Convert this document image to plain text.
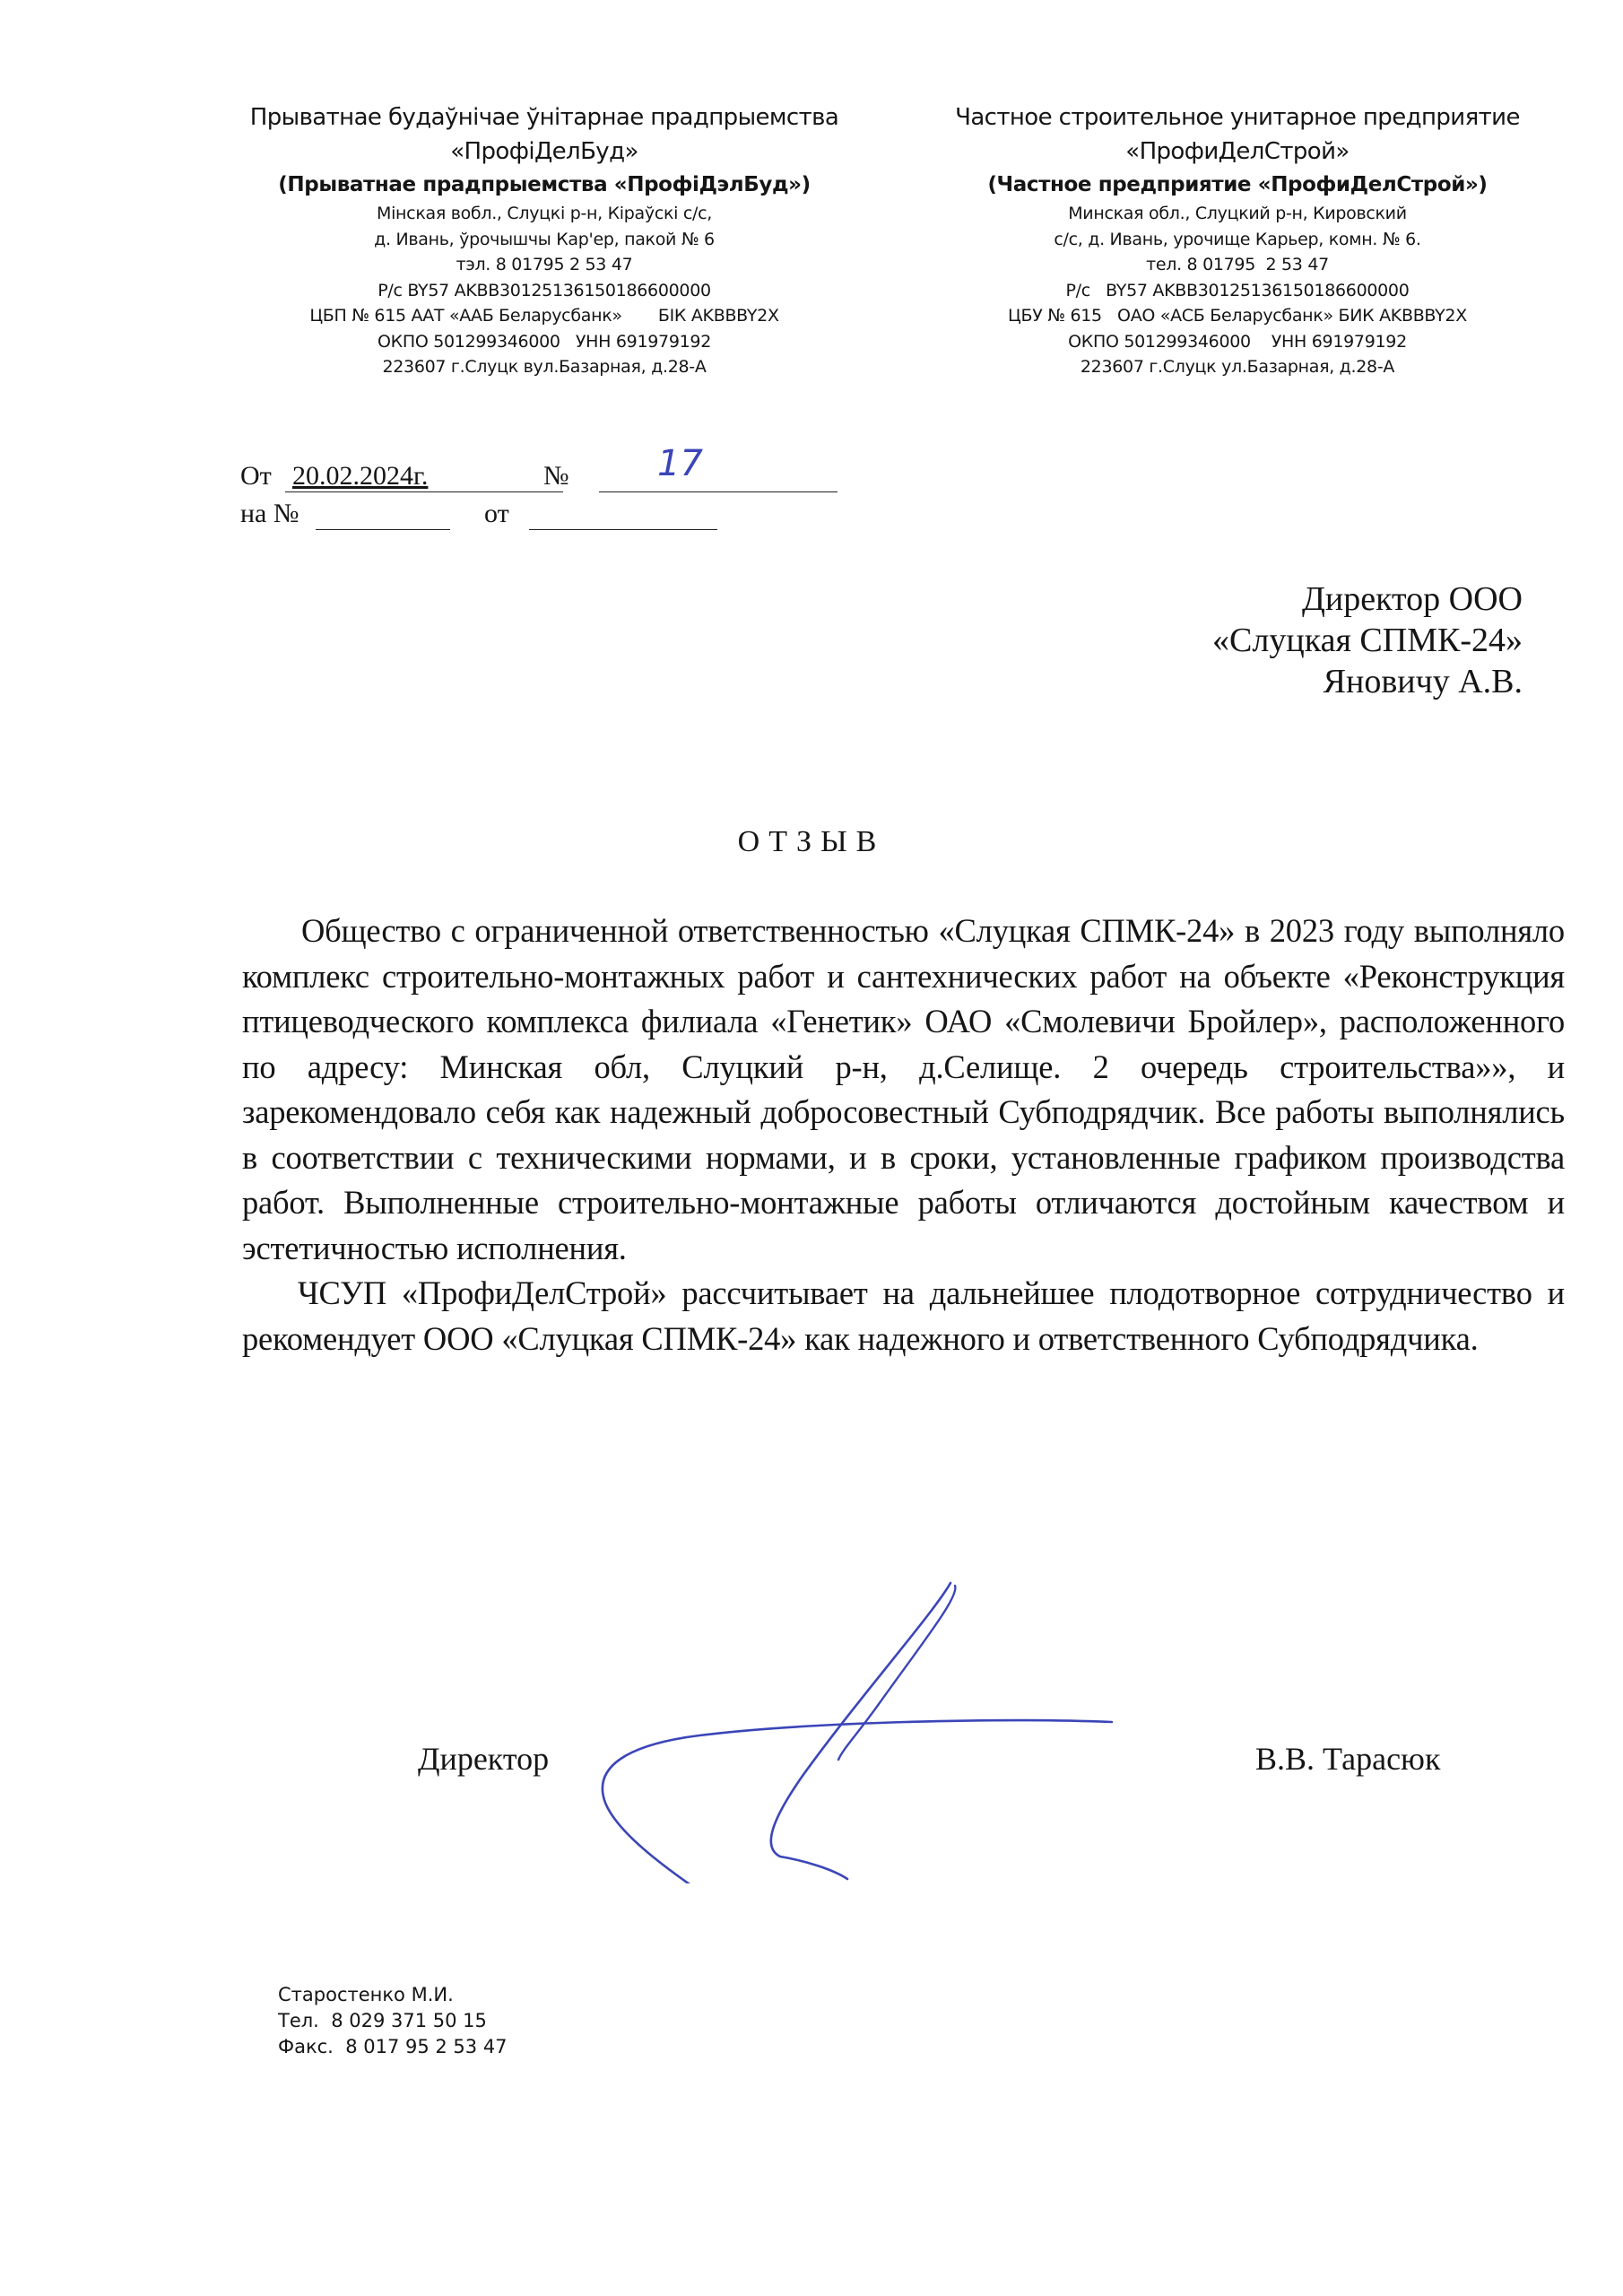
Прыватнае будаўнічае ўнітарнае прадпрыемства
«ПрофіДелБуд»
(Прыватнае прадпрыемства «ПрофіДэлБуд»)
Мінская вобл., Слуцкі р-н, Кіраўскі с/с,
д. Ивань, ўрочышчы Кар'ер, пакой № 6
тэл. 8 01795 2 53 47
Р/с BY57 AKBB30125136150186600000
ЦБП № 615 ААТ «ААБ Беларусбанк»       БІК AKBBBY2X
ОКПО 501299346000   УНН 691979192
223607 г.Слуцк вул.Базарная, д.28-А
Частное строительное унитарное предприятие
«ПрофиДелСтрой»
(Частное предприятие «ПрофиДелСтрой»)
Минская обл., Слуцкий р-н, Кировский
с/с, д. Ивань, урочище Карьер, комн. № 6.
тел. 8 01795  2 53 47
Р/с   BY57 AKBB30125136150186600000
ЦБУ № 615   ОАО «АСБ Беларусбанк» БИК AKBBBY2X
ОКПО 501299346000    УНН 691979192
223607 г.Слуцк ул.Базарная, д.28-А
От 20.02.2024г.	№ 17
на №	от
Директор ООО
«Слуцкая СПМК-24»
Яновичу А.В.
ОТЗЫВ

Общество с ограниченной ответственностью «Слуцкая СПМК-24» в 2023 году выполняло комплекс строительно-монтажных работ и сантехнических работ на объекте «Реконструкция птицеводческого комплекса филиала «Генетик» ОАО «Смолевичи Бройлер», расположенного по адресу: Минская обл, Слуцкий р-н, д.Селище. 2 очередь строительства»», и зарекомендовало себя как надежный добросовестный Субподрядчик. Все работы выполнялись в соответствии с техническими нормами, и в сроки, установленные графиком производства работ. Выполненные строительно-монтажные работы отличаются достойным качеством и эстетичностью исполнения.

ЧСУП «ПрофиДелСтрой» рассчитывает на дальнейшее плодотворное сотрудничество и рекомендует ООО «Слуцкая СПМК-24» как надежного и ответственного Субподрядчика.

Директор	В.В. Тарасюк
Старостенко М.И.
Тел.  8 029 371 50 15
Факс.  8 017 95 2 53 47
